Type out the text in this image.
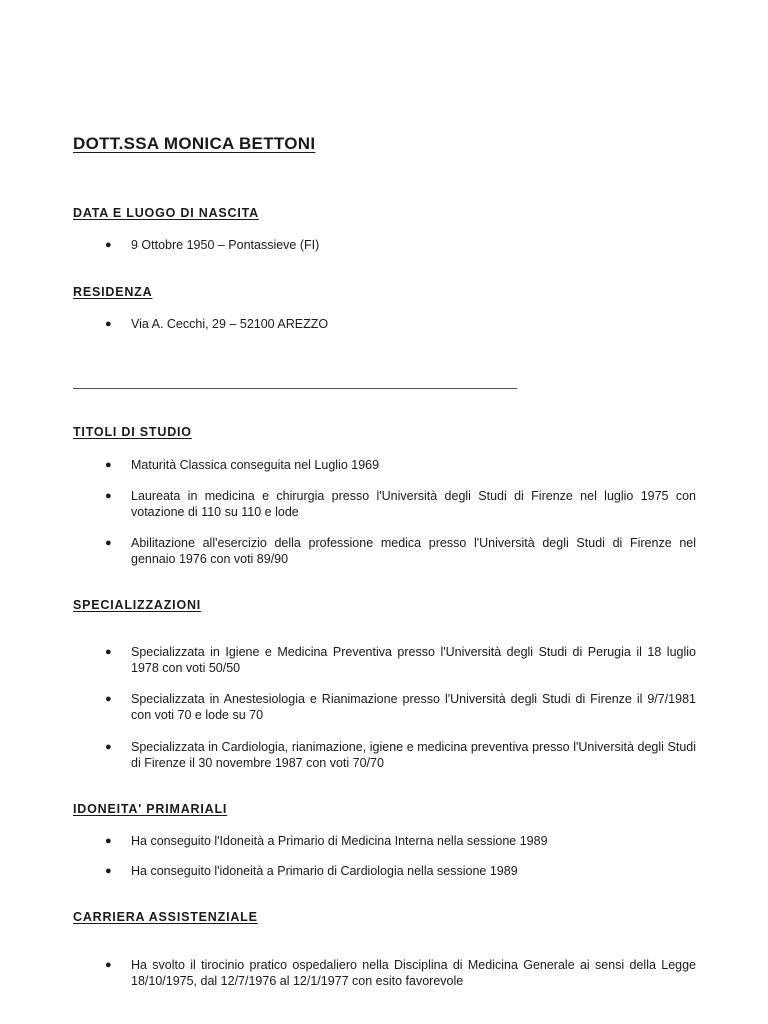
DOTT.SSA MONICA BETTONI
DATA E LUOGO DI NASCITA
● 9 Ottobre 1950 – Pontassieve (FI)
RESIDENZA
● Via A. Cecchi, 29 – 52100 AREZZO
TITOLI DI STUDIO
● Maturità Classica conseguita nel Luglio 1969
● Laureata in medicina e chirurgia presso l'Università degli Studi di Firenze nel luglio 1975 con votazione di 110 su 110 e lode
● Abilitazione all'esercizio della professione medica presso l'Università degli Studi di Firenze nel gennaio 1976 con voti 89/90
SPECIALIZZAZIONI
● Specializzata in Igiene e Medicina Preventiva presso l'Università degli Studi di Perugia il 18 luglio 1978 con voti 50/50
● Specializzata in Anestesiologia e Rianimazione presso l'Università degli Studi di Firenze il 9/7/1981 con voti 70 e lode su 70
● Specializzata in Cardiologia, rianimazione, igiene e medicina preventiva presso l'Università degli Studi di Firenze il 30 novembre 1987 con voti 70/70
IDONEITA' PRIMARIALI
● Ha conseguito l'Idoneità a Primario di Medicina Interna nella sessione 1989
● Ha conseguito l'idoneità a Primario di Cardiologia nella sessione 1989
CARRIERA ASSISTENZIALE
● Ha svolto il tirocinio pratico ospedaliero nella Disciplina di Medicina Generale ai sensi della Legge 18/10/1975, dal 12/7/1976 al 12/1/1977 con esito favorevole
